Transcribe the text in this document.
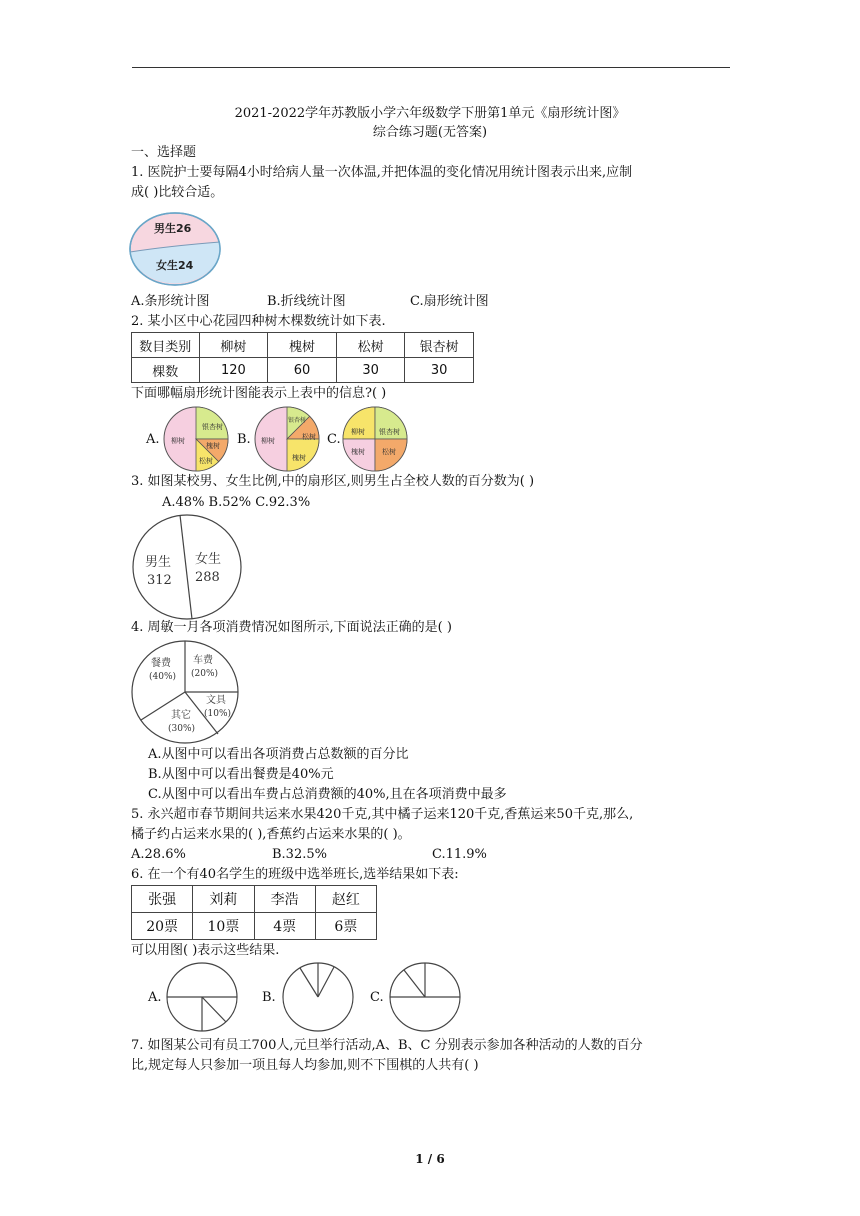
2021-2022学年苏教版小学六年级数学下册第1单元《扇形统计图》
综合练习题(无答案)
一、选择题
1. 医院护士要每隔4小时给病人量一次体温,并把体温的变化情况用统计图表示出来,应制
成( )比较合适。
男生26
女生24
A.条形统计图	B.折线统计图	C.扇形统计图
2. 某小区中心花园四种树木棵数统计如下表.
数目类别	柳树	槐树	松树	银杏树
棵数	120	60	30	30
下面哪幅扇形统计图能表示上表中的信息?( )
A. 柳树
银杏树
槐树
松树
B. 柳树
银杏树
松树
槐树
C. 柳树 银杏树
槐树 松树
3. 如图某校男、女生比例,中的扇形区,则男生占全校人数的百分数为( )
A.48% B.52% C.92.3%
男生
312
女生
288
4. 周敏一月各项消费情况如图所示,下面说法正确的是( )
餐费
(40%)
车费
(20%)
文具
(10%)
其它
(30%)
A.从图中可以看出各项消费占总数额的百分比
B.从图中可以看出餐费是40%元
C.从图中可以看出车费占总消费额的40%,且在各项消费中最多
5. 永兴超市春节期间共运来水果420千克,其中橘子运来120千克,香蕉运来50千克,那么,
橘子约占运来水果的( ),香蕉约占运来水果的( )。
A.28.6%	B.32.5%	C.11.9%
6. 在一个有40名学生的班级中选举班长,选举结果如下表:
张强	刘莉	李浩	赵红
20票	10票	4票	6票
可以用图( )表示这些结果.
A.	B.	C.
7. 如图某公司有员工700人,元旦举行活动,A、B、C 分别表示参加各种活动的人数的百分
比,规定每人只参加一项且每人均参加,则不下围棋的人共有( )
1 / 6
